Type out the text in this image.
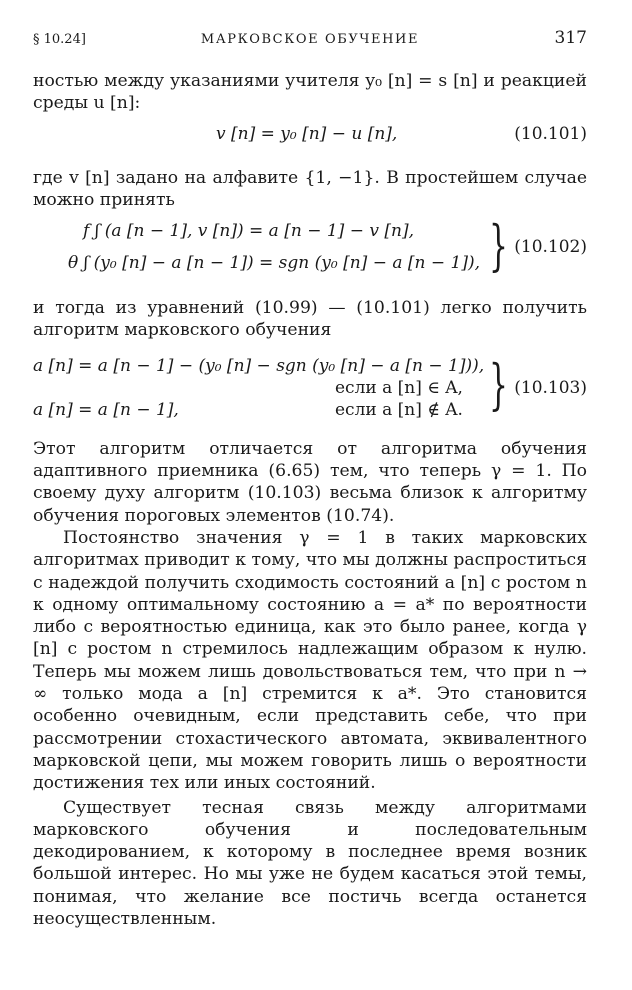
§ 10.24]	МАРКОВСКОЕ ОБУЧЕНИЕ	317

ностью между указаниями учителя y₀ [n] = s [n] и реакцией среды u [n]:

v [n] = y₀ [n] − u [n],	(10.101)

где v [n] задано на алфавите {1, −1}. В простейшем случае можно принять

f ʃ (a [n − 1], v [n]) = a [n − 1] − v [n],
θ ʃ (y₀ [n] − a [n − 1]) = sgn (y₀ [n] − a [n − 1]), } (10.102)

и тогда из уравнений (10.99) — (10.101) легко получить алгоритм марковского обучения

a [n] = a [n − 1] − (y₀ [n] − sgn (y₀ [n] − a [n − 1])),
если a [n] ∈ A,
a [n] = a [n − 1],	если a [n] ∉ A. } (10.103)

Этот алгоритм отличается от алгоритма обучения адаптивного приемника (6.65) тем, что теперь γ = 1. По своему духу алгоритм (10.103) весьма близок к алгоритму обучения пороговых элементов (10.74).

Постоянство значения γ = 1 в таких марковских алгоритмах приводит к тому, что мы должны распроститься с надеждой получить сходимость состояний a [n] с ростом n к одному оптимальному состоянию a = a* по вероятности либо с вероятностью единица, как это было ранее, когда γ [n] с ростом n стремилось надлежащим образом к нулю. Теперь мы можем лишь довольствоваться тем, что при n → ∞ только мода a [n] стремится к a*. Это становится особенно очевидным, если представить себе, что при рассмотрении стохастического автомата, эквивалентного марковской цепи, мы можем говорить лишь о вероятности достижения тех или иных состояний.

Существует тесная связь между алгоритмами марковского обучения и последовательным декодированием, к которому в последнее время возник большой интерес. Но мы уже не будем касаться этой темы, понимая, что желание все постичь всегда останется неосуществленным.
